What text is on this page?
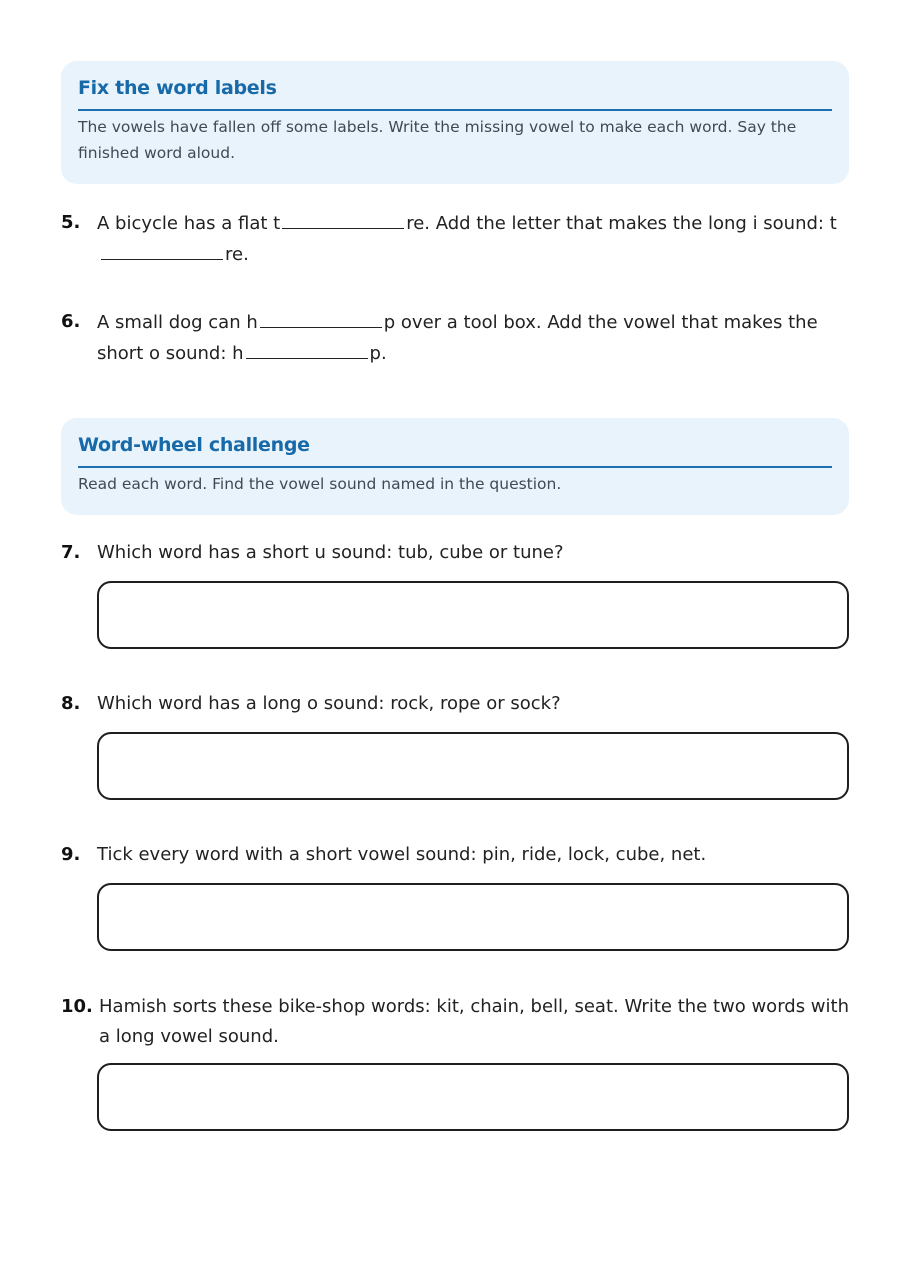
Fix the word labels
The vowels have fallen off some labels. Write the missing vowel to make each word. Say the finished word aloud.
5. A bicycle has a flat t	re. Add the letter that makes the long i sound: tre.
6. A small dog can h	p over a tool box. Add the vowel that makes the short o sound: h	p.
Word-wheel challenge
Read each word. Find the vowel sound named in the question.
7. Which word has a short u sound: tub, cube or tune?
8. Which word has a long o sound: rock, rope or sock?
9. Tick every word with a short vowel sound: pin, ride, lock, cube, net.
10. Hamish sorts these bike-shop words: kit, chain, bell, seat. Write the two words with a long vowel sound.
